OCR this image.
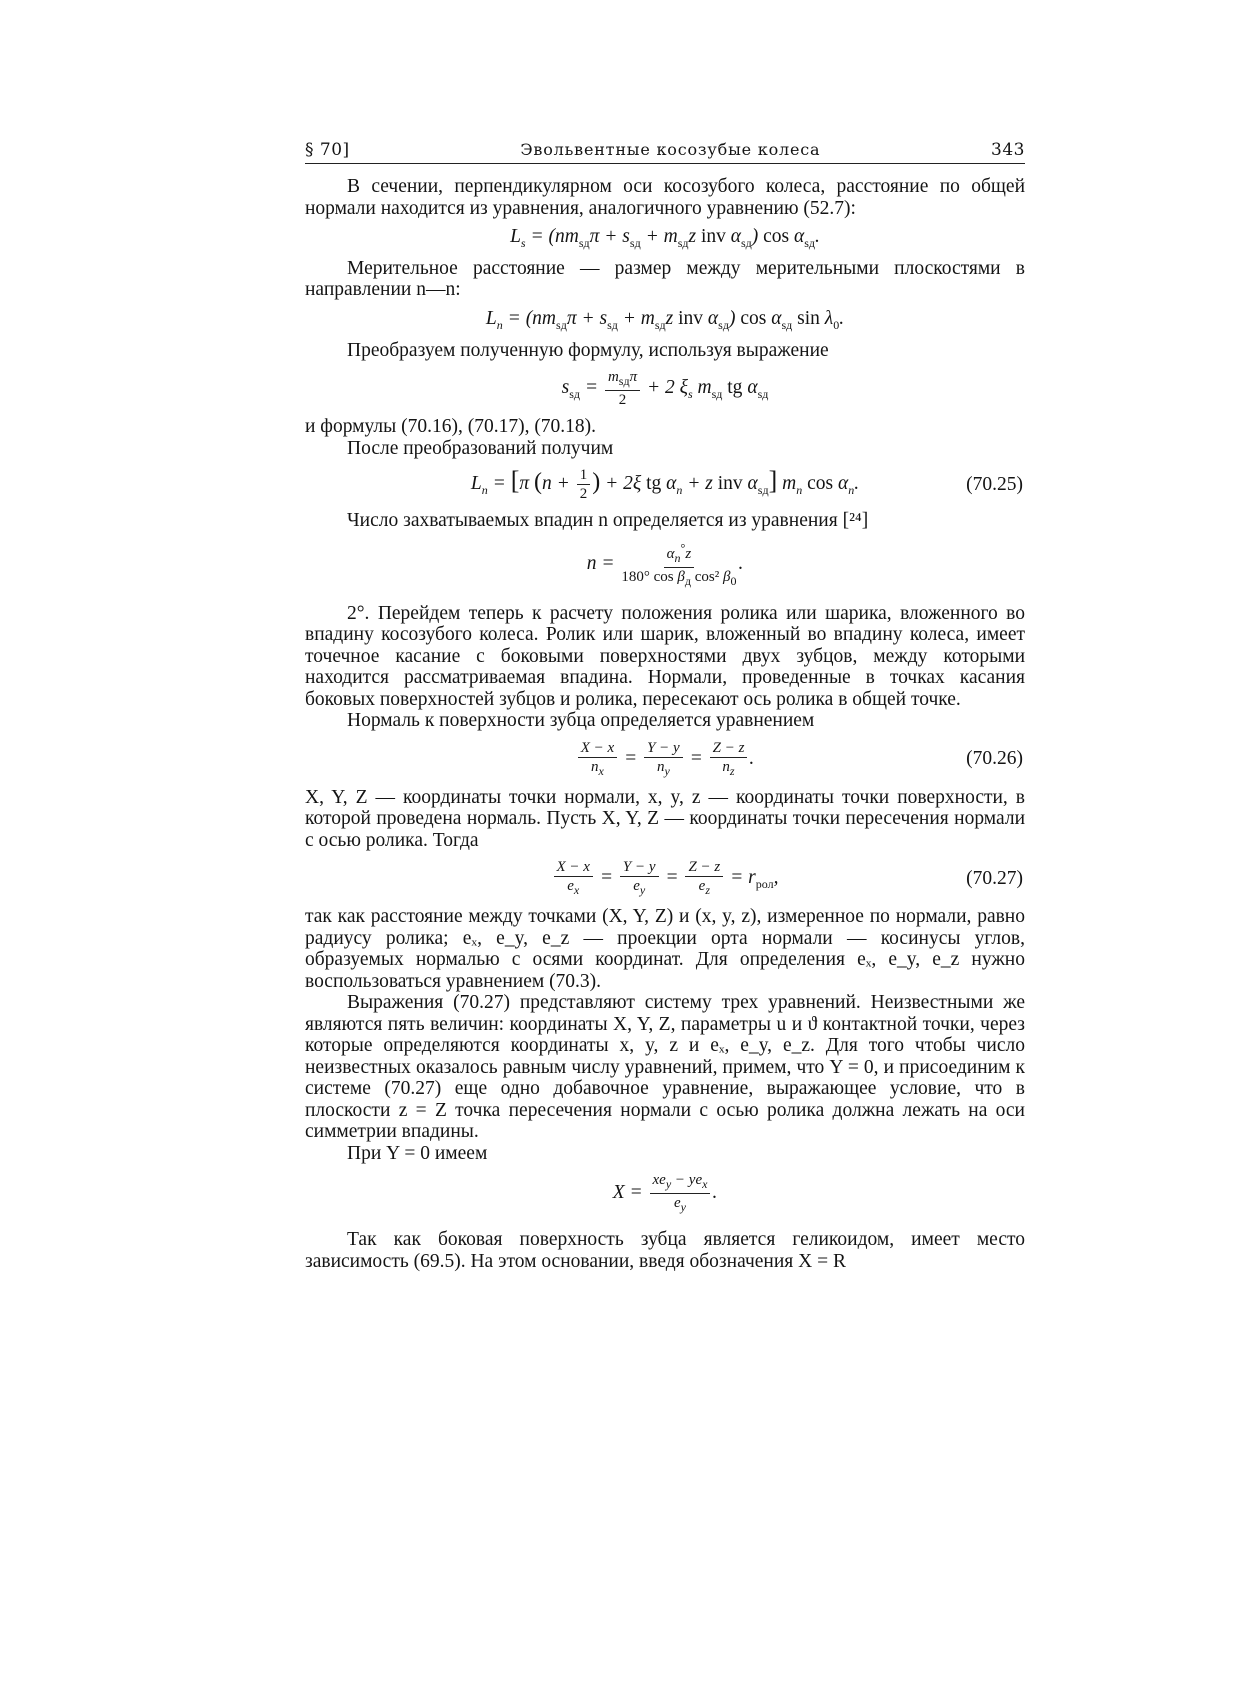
§ 70]	Эвольвентные косозубые колеса	343

В сечении, перпендикулярном оси косозубого колеса, расстояние по общей нормали находится из уравнения, аналогичного уравнению (52.7):

$L_s = (nm_{sд}\pi + s_{sд} + m_{sд}z$ inv $\alpha_{sд}$) $\cos \alpha_{sд}$.

Мерительное расстояние — размер между мерительными плоскостями в направлении n—n:

$L_n = (nm_{sд}\pi + s_{sд} + m_{sд}z$ inv $\alpha_{sд}$) $\cos \alpha_{sд}$ $\sin \lambda_0$.

Преобразуем полученную формулу, используя выражение

$s_{sд} = \frac{m_{sд}\pi}{2} + 2$ $\xi_s$ $m_{sд}$ tg $\alpha_{sд}$

и формулы (70.16), (70.17), (70.18).

После преобразований получим

$L_n = [\pi$ ($n + \frac{1}{2}$ ) + 2ξ tg $\alpha_n + z$ inv $\alpha_{sд}$] $m_n$ $\cos \alpha_n$.	(70.25)

Число захватываемых впадин n определяется из уравнения [²⁴]

$n = \frac{\alpha_n^\circ z}{180^\circ \cos \beta_д \cos^2 \beta_0}$ .

2°. Перейдем теперь к расчету положения ролика или шарика, вложенного во впадину косозубого колеса. Ролик или шарик, вложенный во впадину колеса, имеет точечное касание с боковыми поверхностями двух зубцов, между которыми находится рассматриваемая впадина. Нормали, проведенные в точках касания боковых поверхностей зубцов и ролика, пересекают ось ролика в общей точке.

Нормаль к поверхности зубца определяется уравнением

$\frac{X - x}{n_x} = \frac{Y - y}{n_y} = \frac{Z - z}{n_z}$ .	(70.26)

X, Y, Z — координаты точки нормали, x, y, z — координаты точки поверхности, в которой проведена нормаль. Пусть X, Y, Z — координаты точки пересечения нормали с осью ролика. Тогда

$\frac{X - x}{e_x} = \frac{Y - y}{e_y} = \frac{Z - z}{e_z} = r_{рол}$,	(70.27)

так как расстояние между точками (X, Y, Z) и (x, y, z), измеренное по нормали, равно радиусу ролика; eₓ, e_y, e_z — проекции орта нормали — косинусы углов, образуемых нормалью с осями координат. Для определения eₓ, e_y, e_z нужно воспользоваться уравнением (70.3).

Выражения (70.27) представляют систему трех уравнений. Неизвестными же являются пять величин: координаты X, Y, Z, параметры u и ϑ контактной точки, через которые определяются координаты x, y, z и eₓ, e_y, e_z. Для того чтобы число неизвестных оказалось равным числу уравнений, примем, что Y = 0, и присоединим к системе (70.27) еще одно добавочное уравнение, выражающее условие, что в плоскости z = Z точка пересечения нормали с осью ролика должна лежать на оси симметрии впадины.

При Y = 0 имеем

$X = \frac{xe_y - ye_x}{e_y}$ .

Так как боковая поверхность зубца является геликоидом, имеет место зависимость (69.5). На этом основании, введя обозначения X = R
